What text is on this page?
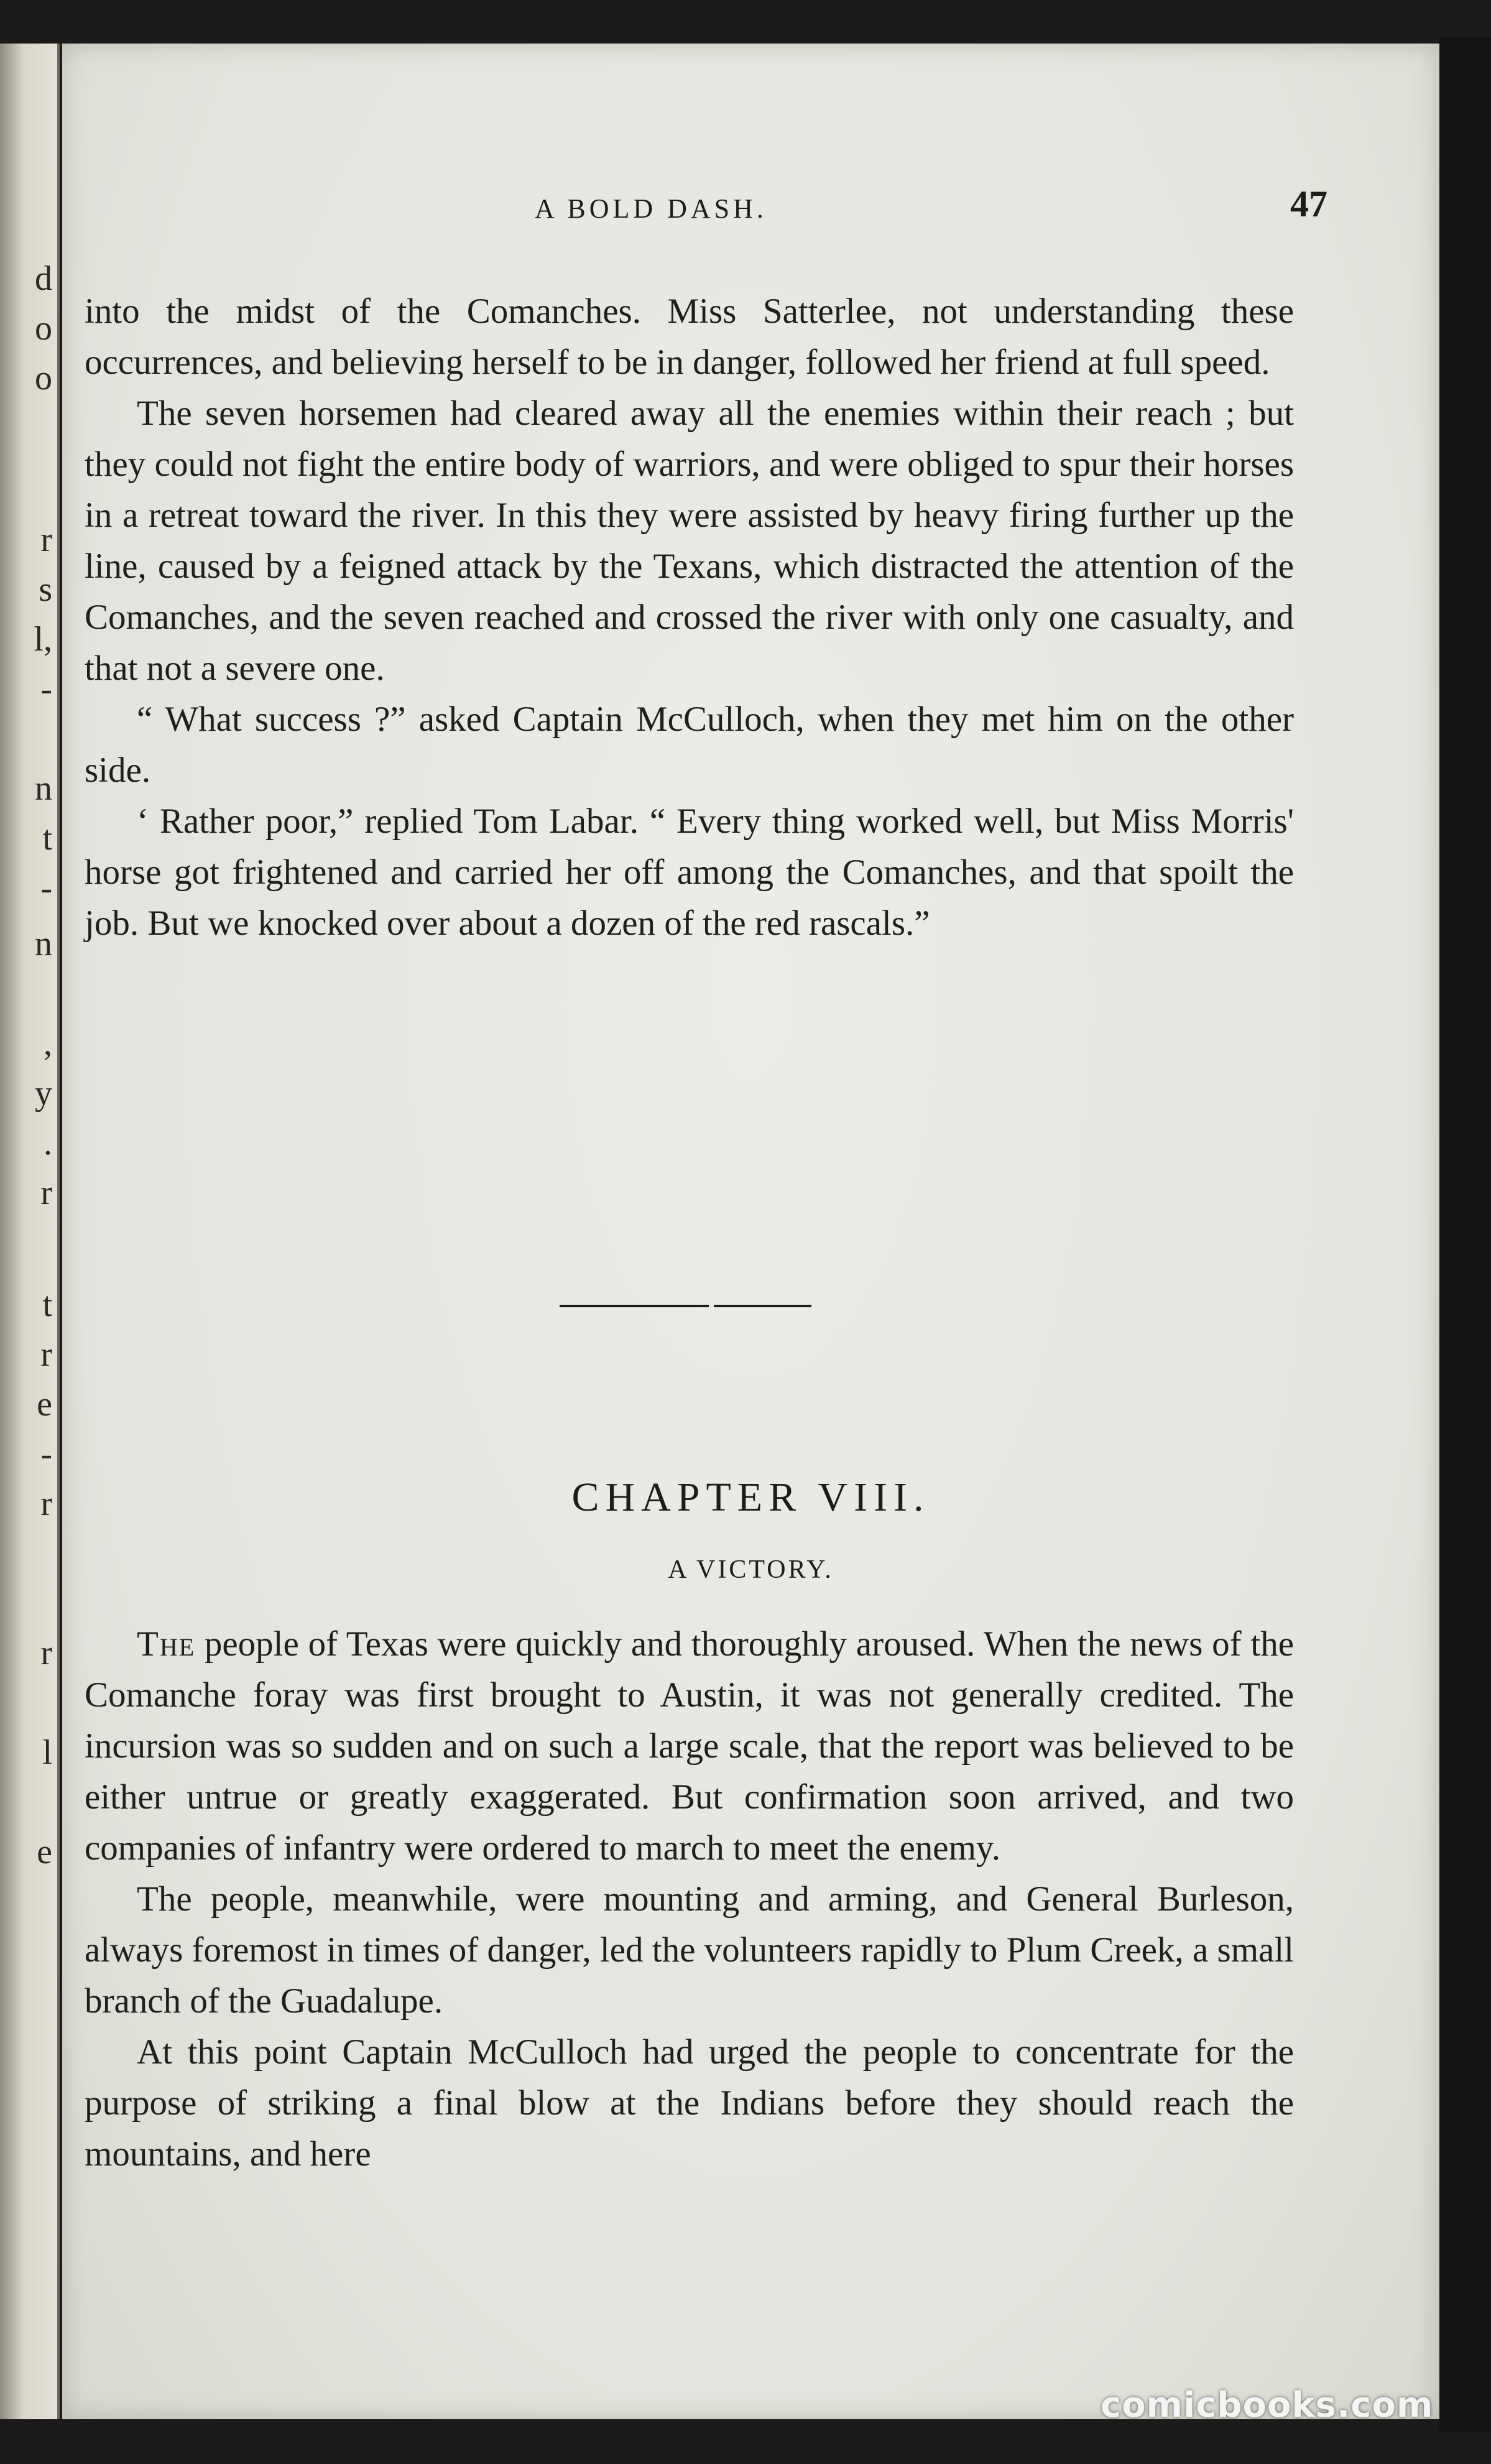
d
o
o
r
s
l,
-
n
t
-
n
,
y
.
r
t
r
e
-
r
r
l
e
A BOLD DASH.	47

into the midst of the Comanches. Miss Satterlee, not understanding these occurrences, and believing herself to be in danger, followed her friend at full speed.

The seven horsemen had cleared away all the enemies within their reach ; but they could not fight the entire body of warriors, and were obliged to spur their horses in a retreat toward the river. In this they were assisted by heavy firing further up the line, caused by a feigned attack by the Texans, which distracted the attention of the Comanches, and the seven reached and crossed the river with only one casualty, and that not a severe one.

“ What success ?” asked Captain McCulloch, when they met him on the other side.

‘ Rather poor,” replied Tom Labar. “ Every thing worked well, but Miss Morris' horse got frightened and carried her off among the Comanches, and that spoilt the job. But we knocked over about a dozen of the red rascals.”

CHAPTER VIII.
A VICTORY.

The people of Texas were quickly and thoroughly aroused. When the news of the Comanche foray was first brought to Austin, it was not generally credited. The incursion was so sudden and on such a large scale, that the report was believed to be either untrue or greatly exaggerated. But confirmation soon arrived, and two companies of infantry were ordered to march to meet the enemy.

The people, meanwhile, were mounting and arming, and General Burleson, always foremost in times of danger, led the volunteers rapidly to Plum Creek, a small branch of the Guadalupe.

At this point Captain McCulloch had urged the people to concentrate for the purpose of striking a final blow at the Indians before they should reach the mountains, and here

comicbooks.com
